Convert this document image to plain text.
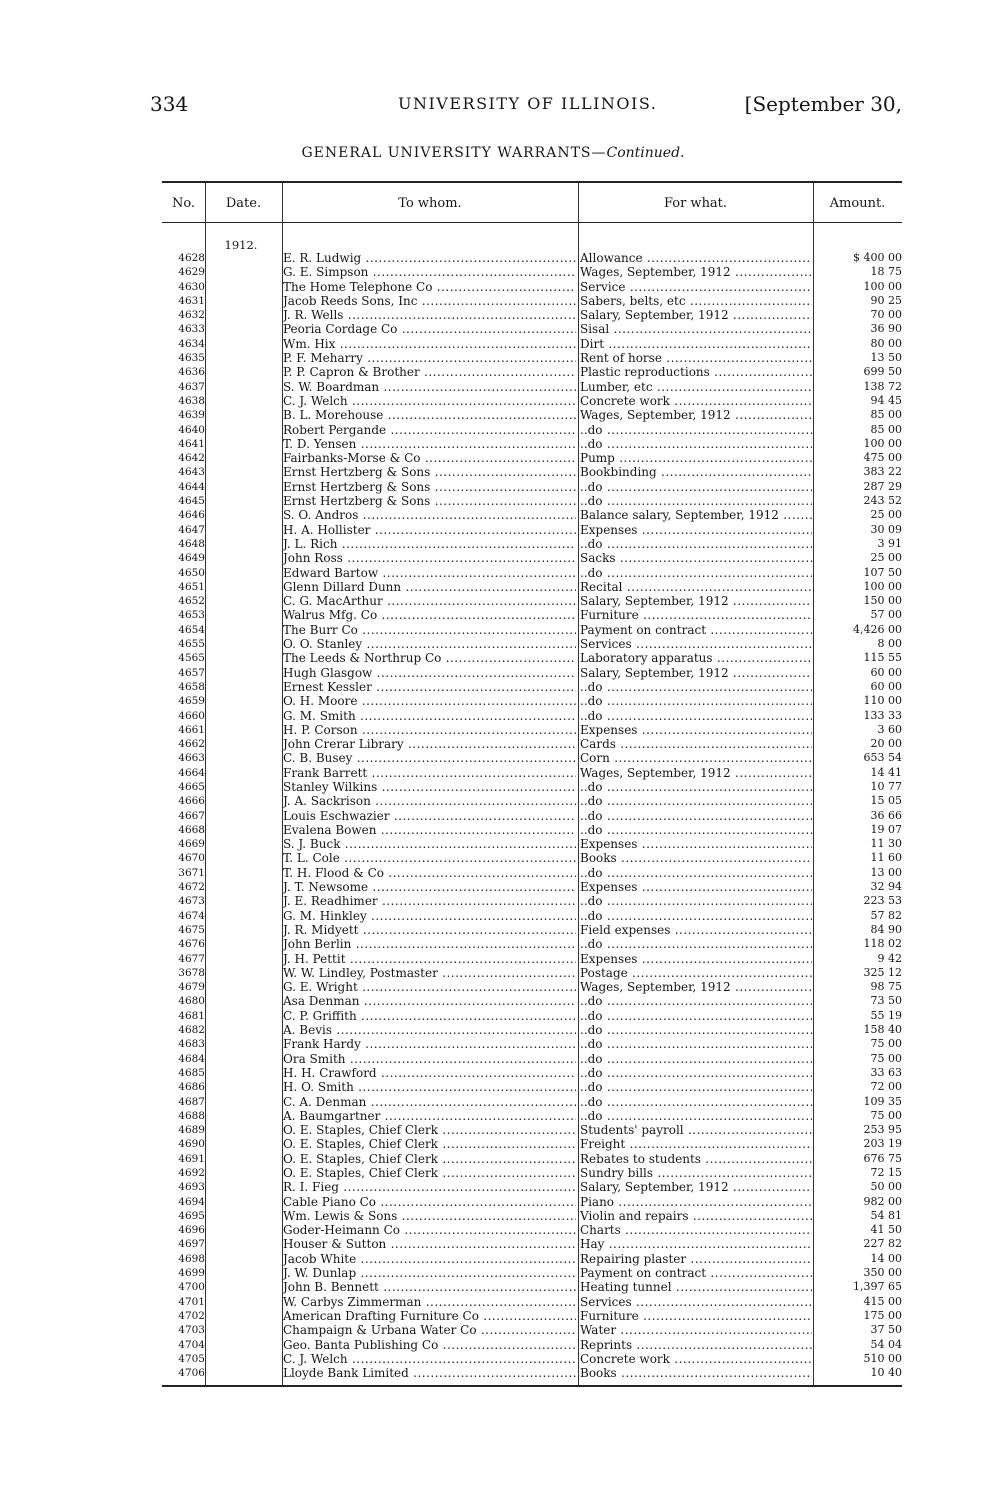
334	UNIVERSITY OF ILLINOIS.	[September 30,
GENERAL UNIVERSITY WARRANTS—Continued.
No.	Date.	To whom.	For what.	Amount.
1912.
4628	E. R. Ludwig .....	Allowance .....	$ 400 00
4629	G. E. Simpson .....	Wages, September, 1912 .....	18 75
4630	The Home Telephone Co .....	Service .....	100 00
4631	Jacob Reeds Sons, Inc .....	Sabers, belts, etc .....	90 25
4632	J. R. Wells .....	Salary, September, 1912 .....	70 00
4633	Peoria Cordage Co .....	Sisal .....	36 90
4634	Wm. Hix .....	Dirt .....	80 00
4635	P. F. Meharry .....	Rent of horse .....	13 50
4636	P. P. Capron & Brother .....	Plastic reproductions .....	699 50
4637	S. W. Boardman .....	Lumber, etc .....	138 72
4638	C. J. Welch .....	Concrete work .....	94 45
4639	B. L. Morehouse .....	Wages, September, 1912 .....	85 00
4640	Robert Pergande .....	..do .....	85 00
4641	T. D. Yensen .....	..do .....	100 00
4642	Fairbanks-Morse & Co .....	Pump .....	475 00
4643	Ernst Hertzberg & Sons .....	Bookbinding .....	383 22
4644	Ernst Hertzberg & Sons .....	..do .....	287 29
4645	Ernst Hertzberg & Sons .....	..do .....	243 52
4646	S. O. Andros .....	Balance salary, September, 1912 .....	25 00
4647	H. A. Hollister .....	Expenses .....	30 09
4648	J. L. Rich .....	..do .....	3 91
4649	John Ross .....	Sacks .....	25 00
4650	Edward Bartow .....	..do .....	107 50
4651	Glenn Dillard Dunn .....	Recital .....	100 00
4652	C. G. MacArthur .....	Salary, September, 1912 .....	150 00
4653	Walrus Mfg. Co .....	Furniture .....	57 00
4654	The Burr Co .....	Payment on contract .....	4,426 00
4655	O. O. Stanley .....	Services .....	8 00
4565	The Leeds & Northrup Co .....	Laboratory apparatus .....	115 55
4657	Hugh Glasgow .....	Salary, September, 1912 .....	60 00
4658	Ernest Kessler .....	..do .....	60 00
4659	O. H. Moore .....	..do .....	110 00
4660	G. M. Smith .....	..do .....	133 33
4661	H. P. Corson .....	Expenses .....	3 60
4662	John Crerar Library .....	Cards .....	20 00
4663	C. B. Busey .....	Corn .....	653 54
4664	Frank Barrett .....	Wages, September, 1912 .....	14 41
4665	Stanley Wilkins .....	..do .....	10 77
4666	J. A. Sackrison .....	..do .....	15 05
4667	Louis Eschwazier .....	..do .....	36 66
4668	Evalena Bowen .....	..do .....	19 07
4669	S. J. Buck .....	Expenses .....	11 30
4670	T. L. Cole .....	Books .....	11 60
3671	T. H. Flood & Co .....	..do .....	13 00
4672	J. T. Newsome .....	Expenses .....	32 94
4673	J. E. Readhimer .....	..do .....	223 53
4674	G. M. Hinkley .....	..do .....	57 82
4675	J. R. Midyett .....	Field expenses .....	84 90
4676	John Berlin .....	..do .....	118 02
4677	J. H. Pettit .....	Expenses .....	9 42
3678	W. W. Lindley, Postmaster .....	Postage .....	325 12
4679	G. E. Wright .....	Wages, September, 1912 .....	98 75
4680	Asa Denman .....	..do .....	73 50
4681	C. P. Griffith .....	..do .....	55 19
4682	A. Bevis .....	..do .....	158 40
4683	Frank Hardy .....	..do .....	75 00
4684	Ora Smith .....	..do .....	75 00
4685	H. H. Crawford .....	..do .....	33 63
4686	H. O. Smith .....	..do .....	72 00
4687	C. A. Denman .....	..do .....	109 35
4688	A. Baumgartner .....	..do .....	75 00
4689	O. E. Staples, Chief Clerk .....	Students' payroll .....	253 95
4690	O. E. Staples, Chief Clerk .....	Freight .....	203 19
4691	O. E. Staples, Chief Clerk .....	Rebates to students .....	676 75
4692	O. E. Staples, Chief Clerk .....	Sundry bills .....	72 15
4693	R. I. Fieg .....	Salary, September, 1912 .....	50 00
4694	Cable Piano Co .....	Piano .....	982 00
4695	Wm. Lewis & Sons .....	Violin and repairs .....	54 81
4696	Goder-Heimann Co .....	Charts .....	41 50
4697	Houser & Sutton .....	Hay .....	227 82
4698	Jacob White .....	Repairing plaster .....	14 00
4699	J. W. Dunlap .....	Payment on contract .....	350 00
4700	John B. Bennett .....	Heating tunnel .....	1,397 65
4701	W. Carbys Zimmerman .....	Services .....	415 00
4702	American Drafting Furniture Co .....	Furniture .....	175 00
4703	Champaign & Urbana Water Co .....	Water .....	37 50
4704	Geo. Banta Publishing Co .....	Reprints .....	54 04
4705	C. J. Welch .....	Concrete work .....	510 00
4706	Lloyde Bank Limited .....	Books .....	10 40
